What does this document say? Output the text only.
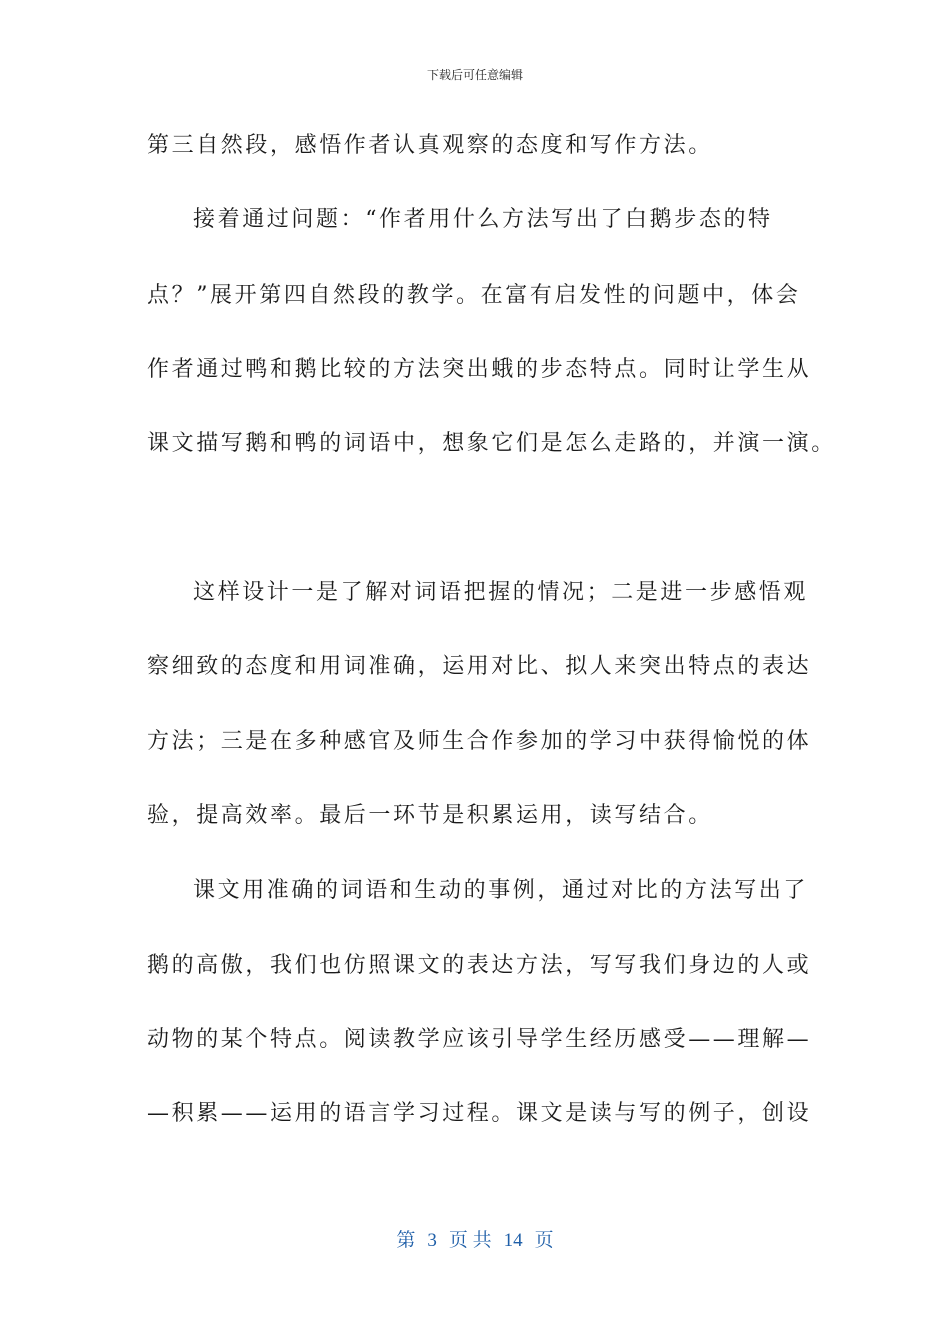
下载后可任意编辑
第三自然段，感悟作者认真观察的态度和写作方法。
接着通过问题：“作者用什么方法写出了白鹅步态的特
点？”展开第四自然段的教学。在富有启发性的问题中，体会
作者通过鸭和鹅比较的方法突出蛾的步态特点。同时让学生从
课文描写鹅和鸭的词语中，想象它们是怎么走路的，并演一演。
这样设计一是了解对词语把握的情况；二是进一步感悟观
察细致的态度和用词准确，运用对比、拟人来突出特点的表达
方法；三是在多种感官及师生合作参加的学习中获得愉悦的体
验，提高效率。最后一环节是积累运用，读写结合。
课文用准确的词语和生动的事例，通过对比的方法写出了
鹅的高傲，我们也仿照课文的表达方法，写写我们身边的人或
动物的某个特点。阅读教学应该引导学生经历感受——理解—
—积累——运用的语言学习过程。课文是读与写的例子，创设
第 3 页 共 14 页
